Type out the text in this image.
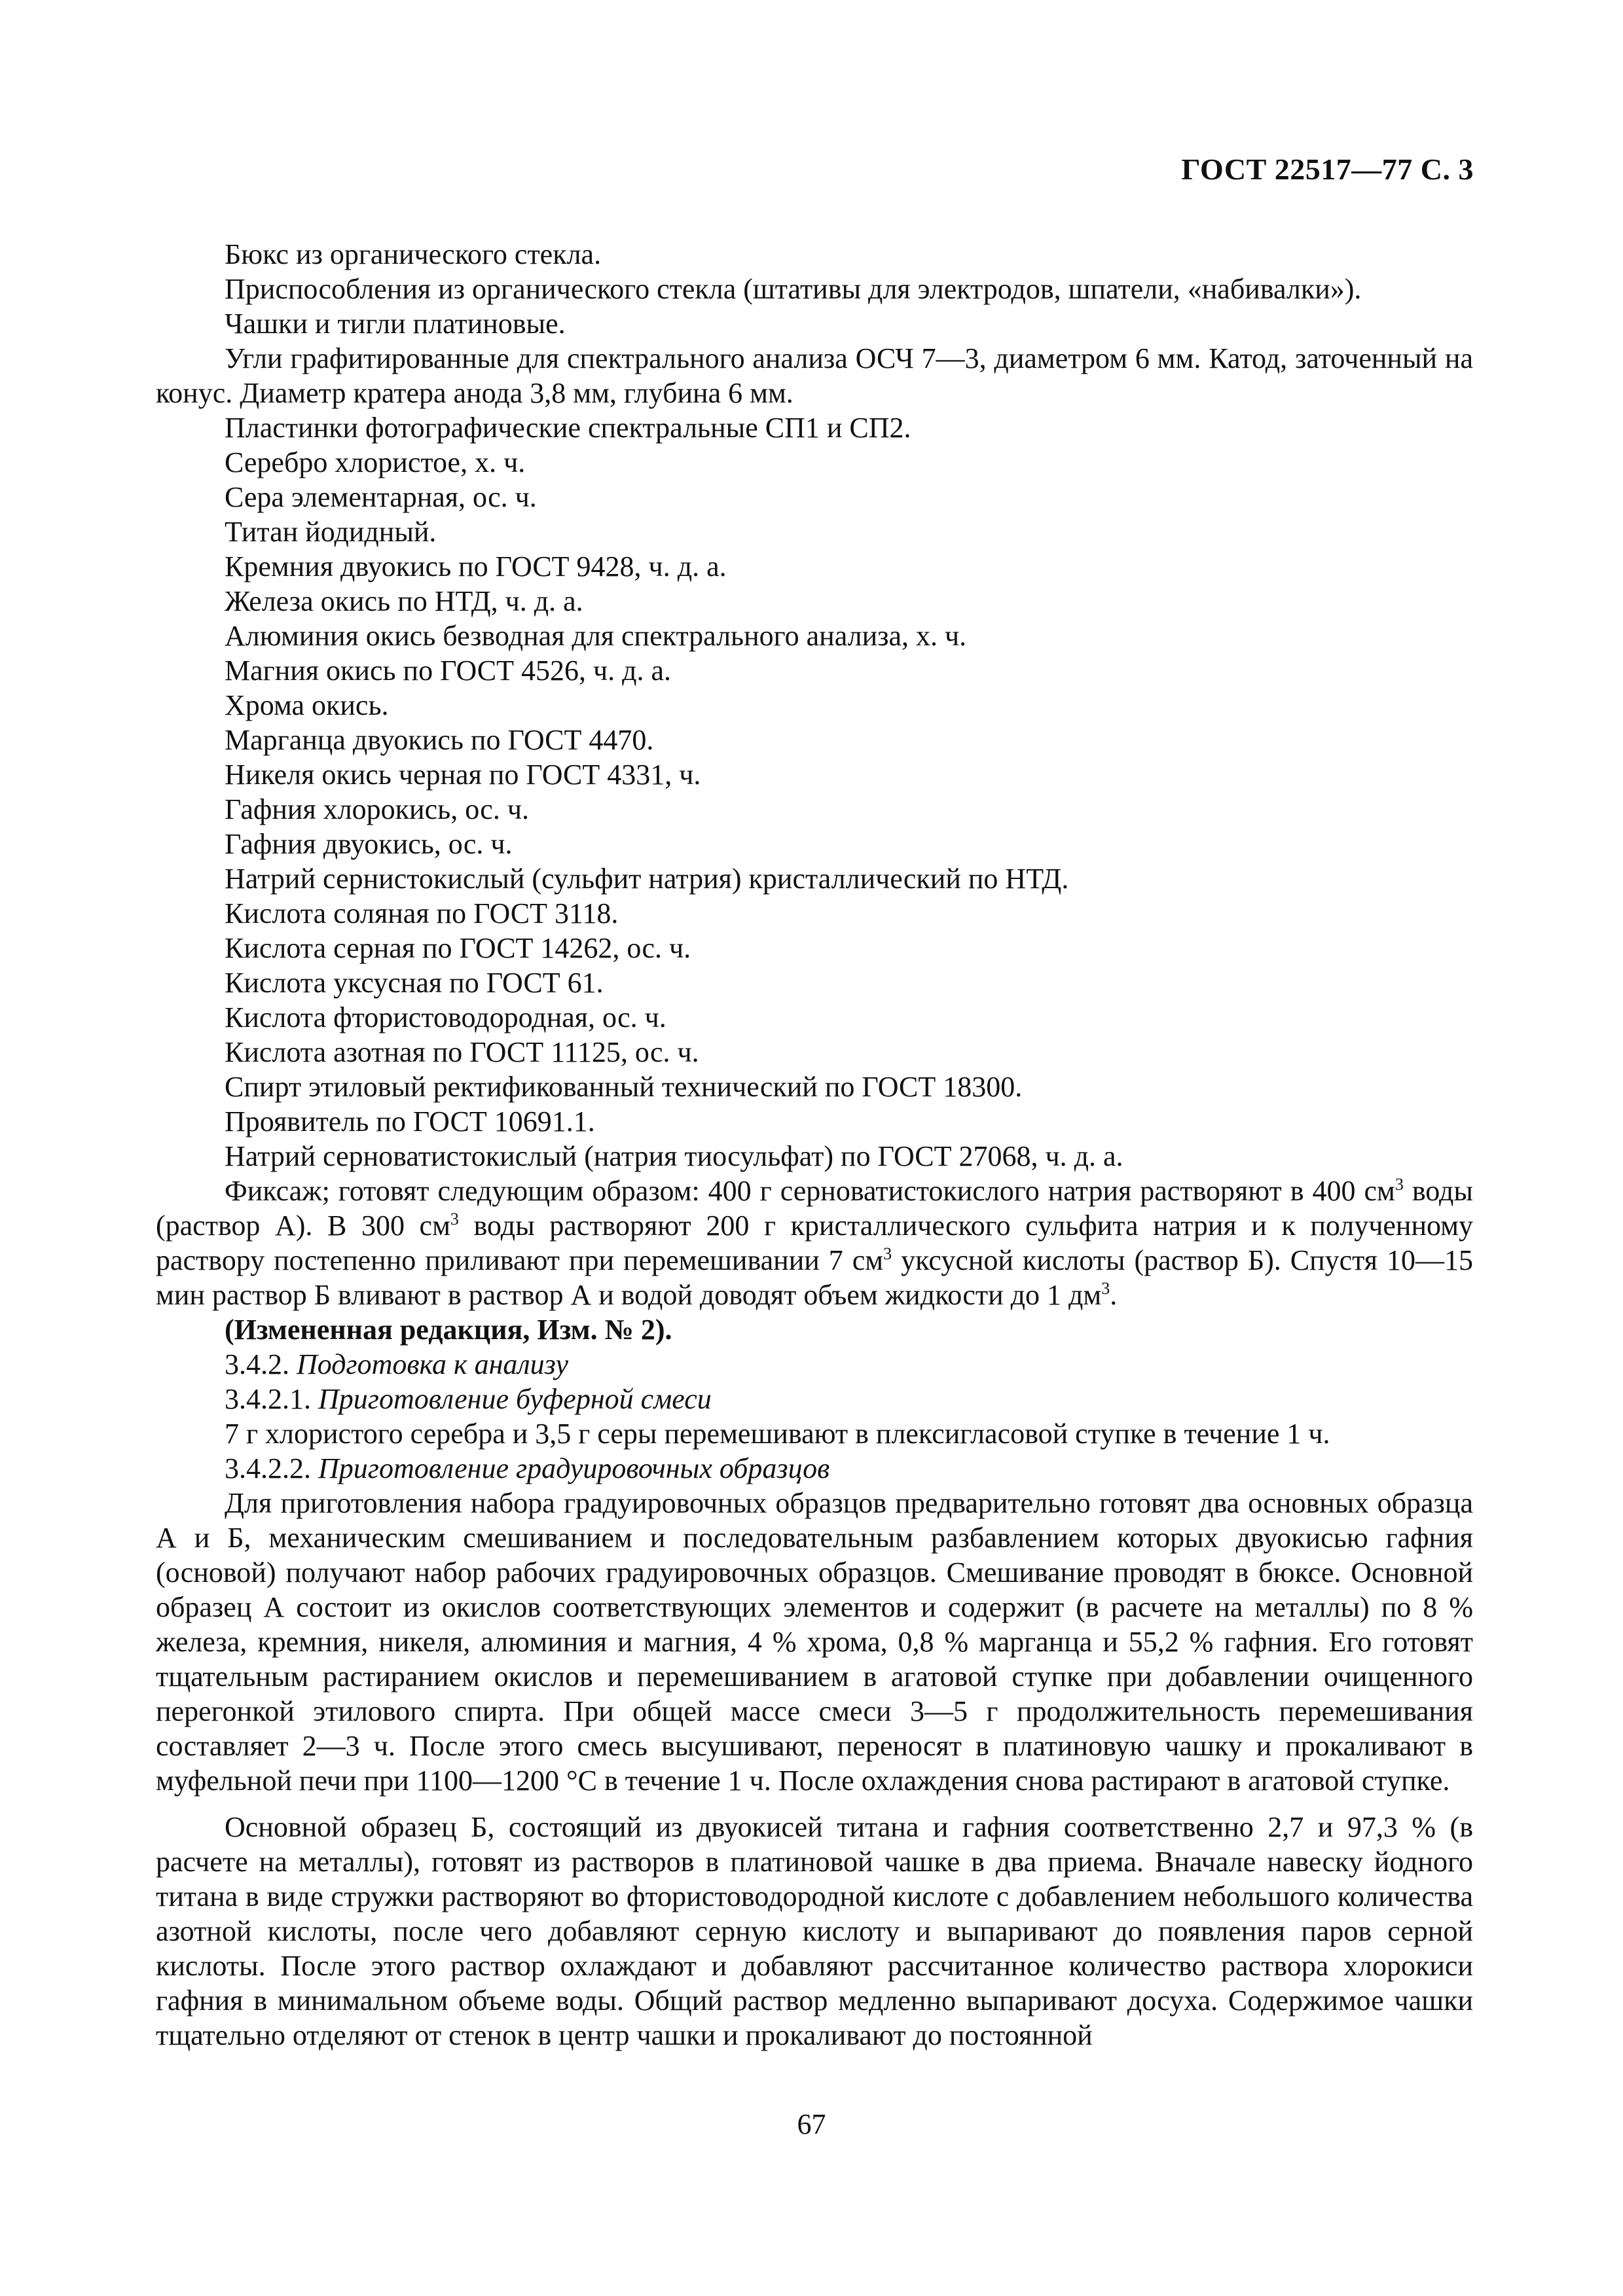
ГОСТ 22517—77 С. 3

Бюкс из органического стекла.

Приспособления из органического стекла (штативы для электродов, шпатели, «набивалки»).

Чашки и тигли платиновые.

Угли графитированные для спектрального анализа ОСЧ 7—3, диаметром 6 мм. Катод, заточенный на конус. Диаметр кратера анода 3,8 мм, глубина 6 мм.

Пластинки фотографические спектральные СП1 и СП2.

Серебро хлористое, х. ч.

Сера элементарная, ос. ч.

Титан йодидный.

Кремния двуокись по ГОСТ 9428, ч. д. а.

Железа окись по НТД, ч. д. а.

Алюминия окись безводная для спектрального анализа, х. ч.

Магния окись по ГОСТ 4526, ч. д. а.

Хрома окись.

Марганца двуокись по ГОСТ 4470.

Никеля окись черная по ГОСТ 4331, ч.

Гафния хлорокись, ос. ч.

Гафния двуокись, ос. ч.

Натрий сернистокислый (сульфит натрия) кристаллический по НТД.

Кислота соляная по ГОСТ 3118.

Кислота серная по ГОСТ 14262, ос. ч.

Кислота уксусная по ГОСТ 61.

Кислота фтористоводородная, ос. ч.

Кислота азотная по ГОСТ 11125, ос. ч.

Спирт этиловый ректификованный технический по ГОСТ 18300.

Проявитель по ГОСТ 10691.1.

Натрий серноватистокислый (натрия тиосульфат) по ГОСТ 27068, ч. д. а.

Фиксаж; готовят следующим образом: 400 г серноватистокислого натрия растворяют в 400 $см^3$ воды (раствор А). В 300 $см^3$ воды растворяют 200 г кристаллического сульфита натрия и к полученному раствору постепенно приливают при перемешивании 7 $см^3$ уксусной кислоты (раствор Б). Спустя 10—15 мин раствор Б вливают в раствор А и водой доводят объем жидкости до 1 $дм^3$.

(Измененная редакция, Изм. № 2).

3.4.2. Подготовка к анализу

3.4.2.1. Приготовление буферной смеси

7 г хлористого серебра и 3,5 г серы перемешивают в плексигласовой ступке в течение 1 ч.

3.4.2.2. Приготовление градуировочных образцов

Для приготовления набора градуировочных образцов предварительно готовят два основных образца А и Б, механическим смешиванием и последовательным разбавлением которых двуокисью гафния (основой) получают набор рабочих градуировочных образцов. Смешивание проводят в бюксе. Основной образец А состоит из окислов соответствующих элементов и содержит (в расчете на металлы) по 8 % железа, кремния, никеля, алюминия и магния, 4 % хрома, 0,8 % марганца и 55,2 % гафния. Его готовят тщательным растиранием окислов и перемешиванием в агатовой ступке при добавлении очищенного перегонкой этилового спирта. При общей массе смеси 3—5 г продолжительность перемешивания составляет 2—3 ч. После этого смесь высушивают, переносят в платиновую чашку и прокаливают в муфельной печи при 1100—1200 °С в течение 1 ч. После охлаждения снова растирают в агатовой ступке.

Основной образец Б, состоящий из двуокисей титана и гафния соответственно 2,7 и 97,3 % (в расчете на металлы), готовят из растворов в платиновой чашке в два приема. Вначале навеску йодного титана в виде стружки растворяют во фтористоводородной кислоте с добавлением небольшого количества азотной кислоты, после чего добавляют серную кислоту и выпаривают до появления паров серной кислоты. После этого раствор охлаждают и добавляют рассчитанное количество раствора хлорокиси гафния в минимальном объеме воды. Общий раствор медленно выпаривают досуха. Содержимое чашки тщательно отделяют от стенок в центр чашки и прокаливают до постоянной

67
